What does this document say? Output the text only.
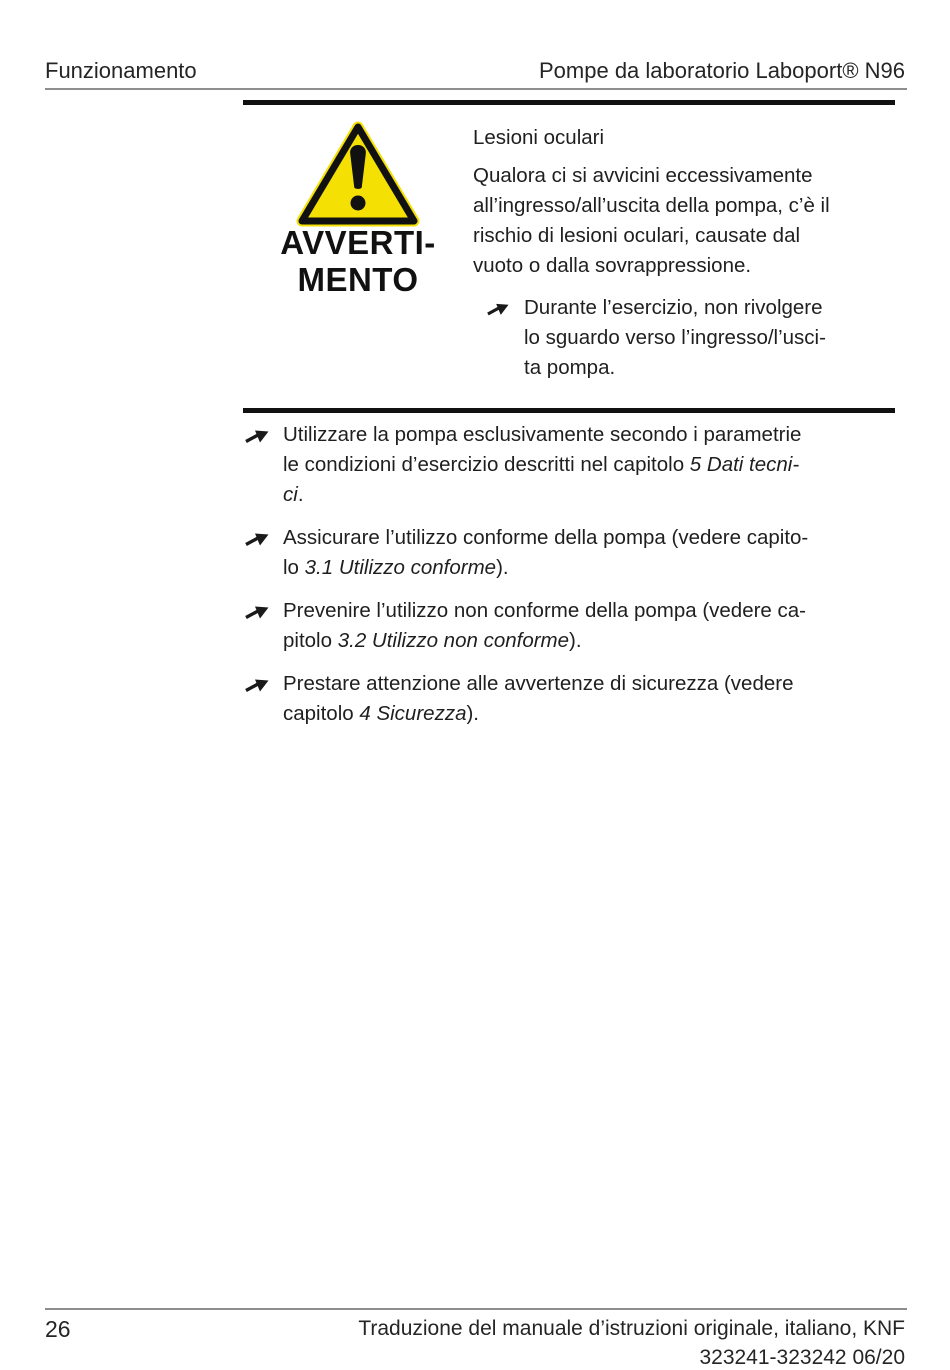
Funzionamento	Pompe da laboratorio Laboport® N96
AVVERTI-
MENTO
Lesioni oculari
Qualora ci si avvicini eccessivamente
all’ingresso/all’uscita della pompa, c’è il
rischio di lesioni oculari, causate dal
vuoto o dalla sovrappressione.
Durante l’esercizio, non rivolgere
lo sguardo verso l’ingresso/l’usci-
ta pompa.
Utilizzare la pompa esclusivamente secondo i parametrie
le condizioni d’esercizio descritti nel capitolo 5 Dati tecni-
ci.
Assicurare l’utilizzo conforme della pompa (vedere capito-
lo 3.1 Utilizzo conforme).
Prevenire l’utilizzo non conforme della pompa (vedere ca-
pitolo 3.2 Utilizzo non conforme).
Prestare attenzione alle avvertenze di sicurezza (vedere
capitolo 4 Sicurezza).
26	Traduzione del manuale d’istruzioni originale, italiano, KNF
323241-323242 06/20
